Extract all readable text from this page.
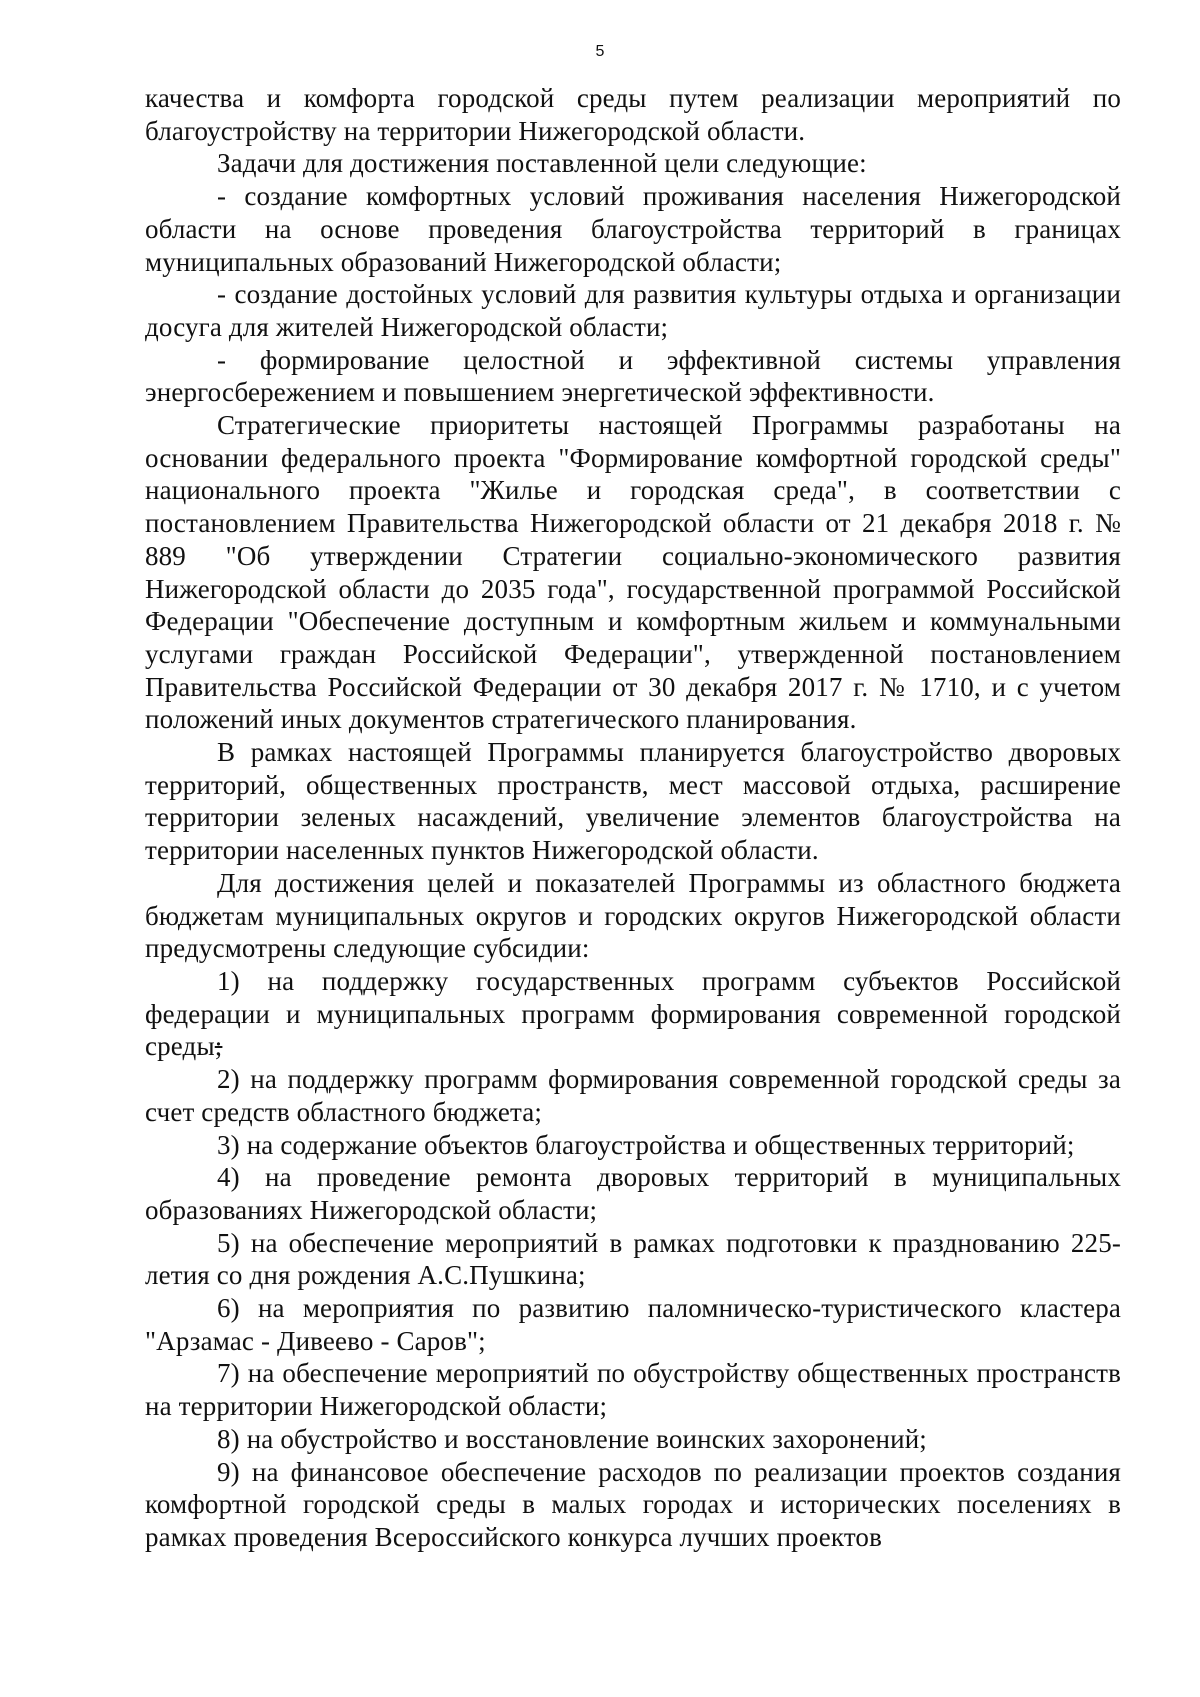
5

качества и комфорта городской среды путем реализации мероприятий по благоустройству на территории Нижегородской области.

Задачи для достижения поставленной цели следующие:

- создание комфортных условий проживания населения Нижегородской области на основе проведения благоустройства территорий в границах муниципальных образований Нижегородской области;

- создание достойных условий для развития культуры отдыха и организации досуга для жителей Нижегородской области;

- формирование целостной и эффективной системы управления энергосбережением и повышением энергетической эффективности.

Стратегические приоритеты настоящей Программы разработаны на основании федерального проекта "Формирование комфортной городской среды" национального проекта "Жилье и городская среда", в соответствии с постановлением Правительства Нижегородской области от 21 декабря 2018 г. № 889 "Об утверждении Стратегии социально-экономического развития Нижегородской области до 2035 года", государственной программой Российской Федерации "Обеспечение доступным и комфортным жильем и коммунальными услугами граждан Российской Федерации", утвержденной постановлением Правительства Российской Федерации от 30 декабря 2017 г. № 1710, и с учетом положений иных документов стратегического планирования.

В рамках настоящей Программы планируется благоустройство дворовых территорий, общественных пространств, мест массовой отдыха, расширение территории зеленых насаждений, увеличение элементов благоустройства на территории населенных пунктов Нижегородской области.

Для достижения целей и показателей Программы из областного бюджета бюджетам муниципальных округов и городских округов Нижегородской области предусмотрены следующие субсидии:

1) на поддержку государственных программ субъектов Российской федерации и муниципальных программ формирования современной городской среды;

2) на поддержку программ формирования современной городской среды за счет средств областного бюджета;

3) на содержание объектов благоустройства и общественных территорий;

4) на проведение ремонта дворовых территорий в муниципальных образованиях Нижегородской области;

5) на обеспечение мероприятий в рамках подготовки к празднованию 225-летия со дня рождения А.С.Пушкина;

6) на мероприятия по развитию паломническо-туристического кластера "Арзамас - Дивеево - Саров";

7) на обеспечение мероприятий по обустройству общественных пространств на территории Нижегородской области;

8) на обустройство и восстановление воинских захоронений;

9) на финансовое обеспечение расходов по реализации проектов создания комфортной городской среды в малых городах и исторических поселениях в рамках проведения Всероссийского конкурса лучших проектов
